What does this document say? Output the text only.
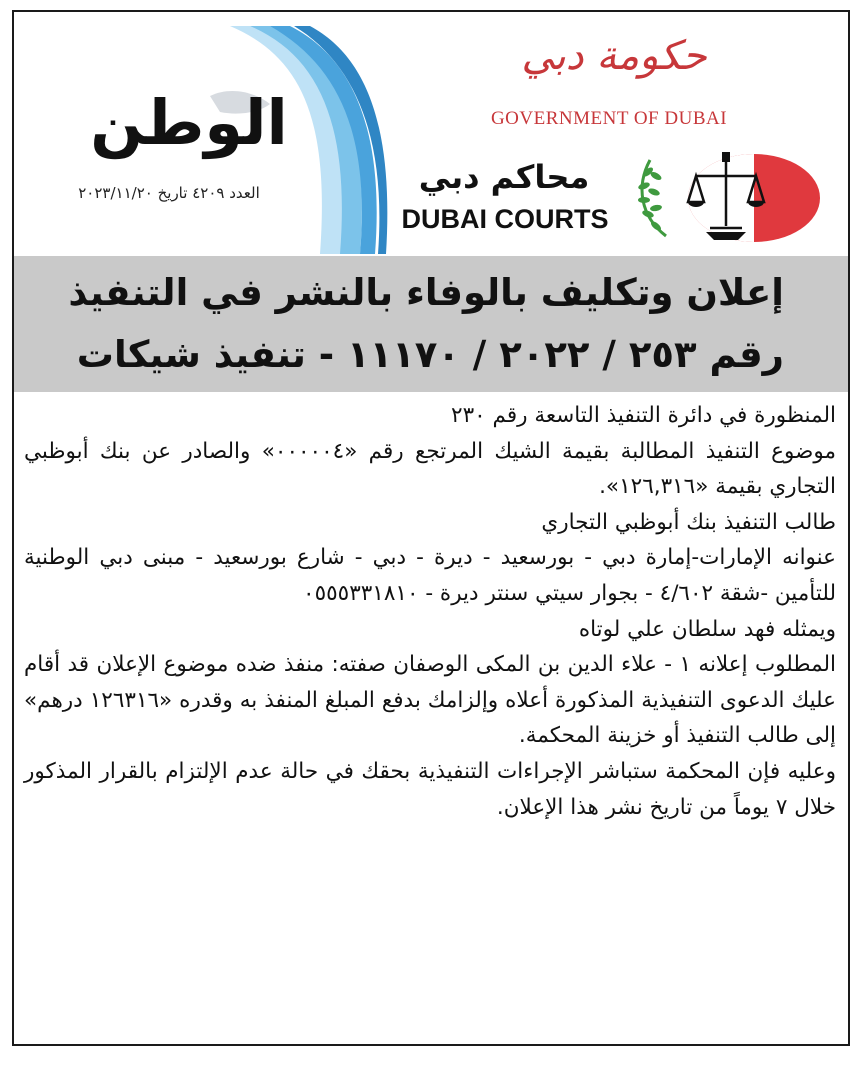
الوطن
العدد ٤٢٠٩ تاريخ ٢٠٢٣/١١/٢٠
حكومة دبي
GOVERNMENT OF DUBAI
محاكم دبي
DUBAI COURTS
إعلان وتكليف بالوفاء بالنشر في التنفيذ
رقم ٢٥٣ / ٢٠٢٢ / ١١١٧٠ - تنفيذ شيكات

المنظورة في دائرة التنفيذ التاسعة رقم ٢٣٠

موضوع التنفيذ المطالبة بقيمة الشيك المرتجع رقم «٠٠٠٠٠٤» والصادر عن بنك أبوظبي التجاري بقيمة «١٢٦,٣١٦».

طالب التنفيذ بنك أبوظبي التجاري

عنوانه الإمارات-إمارة دبي - بورسعيد - ديرة - دبي - شارع بورسعيد - مبنى دبي الوطنية للتأمين -شقة ٤/٦٠٢ - بجوار سيتي سنتر ديرة - ٠٥٥٥٣٣١٨١٠

ويمثله فهد سلطان علي لوتاه

المطلوب إعلانه ١ - علاء الدين بن المكى الوصفان صفته: منفذ ضده موضوع الإعلان قد أقام عليك الدعوى التنفيذية المذكورة أعلاه وإلزامك بدفع المبلغ المنفذ به وقدره «١٢٦٣١٦ درهم» إلى طالب التنفيذ أو خزينة المحكمة.

وعليه فإن المحكمة ستباشر الإجراءات التنفيذية بحقك في حالة عدم الإلتزام بالقرار المذكور خلال ٧ يوماً من تاريخ نشر هذا الإعلان.
